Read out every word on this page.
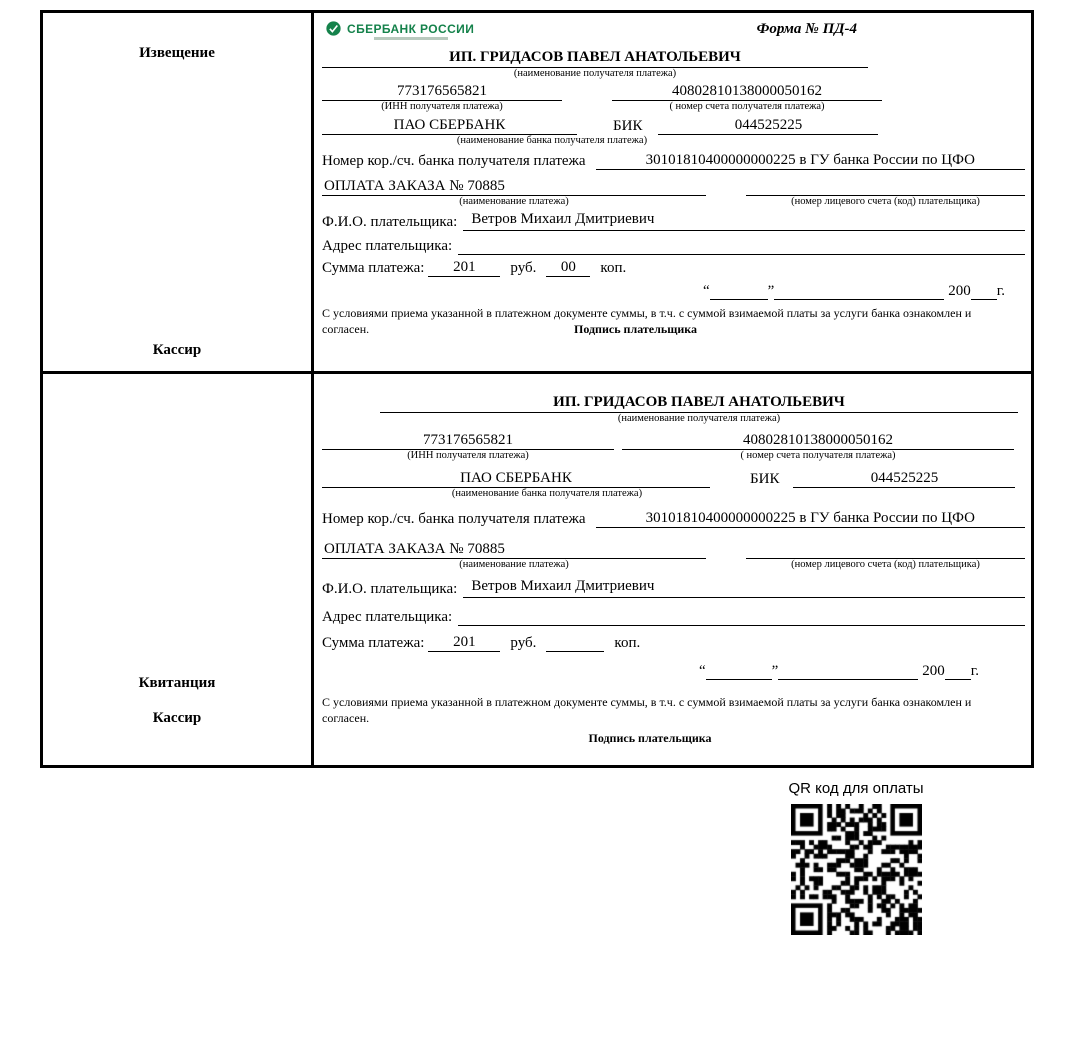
Извещение
Кассир
СБЕРБАНК РОССИИ	Форма № ПД-4
ИП. ГРИДАСОВ ПАВЕЛ АНАТОЛЬЕВИЧ
(наименование получателя платежа)
773176565821	40802810138000050162
(ИНН получателя платежа)	( номер счета получателя платежа)
ПАО СБЕРБАНК	БИК	044525225
(наименование банка получателя платежа)
Номер кор./сч. банка получателя платежа	30101810400000000225 в ГУ банка России по ЦФО
ОПЛАТА ЗАКАЗА № 70885
(наименование платежа)	(номер лицевого счета (код) плательщика)
Ф.И.О. плательщика: Ветров Михаил Дмитриевич
Адрес плательщика:
Сумма платежа:	201	руб.	00	коп.
“	”	200 г.
С условиями приема указанной в платежном документе суммы, в т.ч. с суммой взимаемой платы за услуги банка ознакомлен и согласен.	Подпись плательщика
Квитанция
Кассир
ИП. ГРИДАСОВ ПАВЕЛ АНАТОЛЬЕВИЧ
(наименование получателя платежа)
773176565821	40802810138000050162
(ИНН получателя платежа)	( номер счета получателя платежа)
ПАО СБЕРБАНК	БИК	044525225
(наименование банка получателя платежа)
Номер кор./сч. банка получателя платежа	30101810400000000225 в ГУ банка России по ЦФО
ОПЛАТА ЗАКАЗА № 70885
(наименование платежа)	(номер лицевого счета (код) плательщика)
Ф.И.О. плательщика: Ветров Михаил Дмитриевич
Адрес плательщика:
Сумма платежа:	201	руб.	коп.
“	”	200 г.
С условиями приема указанной в платежном документе суммы, в т.ч. с суммой взимаемой платы за услуги банка ознакомлен и согласен.
Подпись плательщика
QR код для оплаты
